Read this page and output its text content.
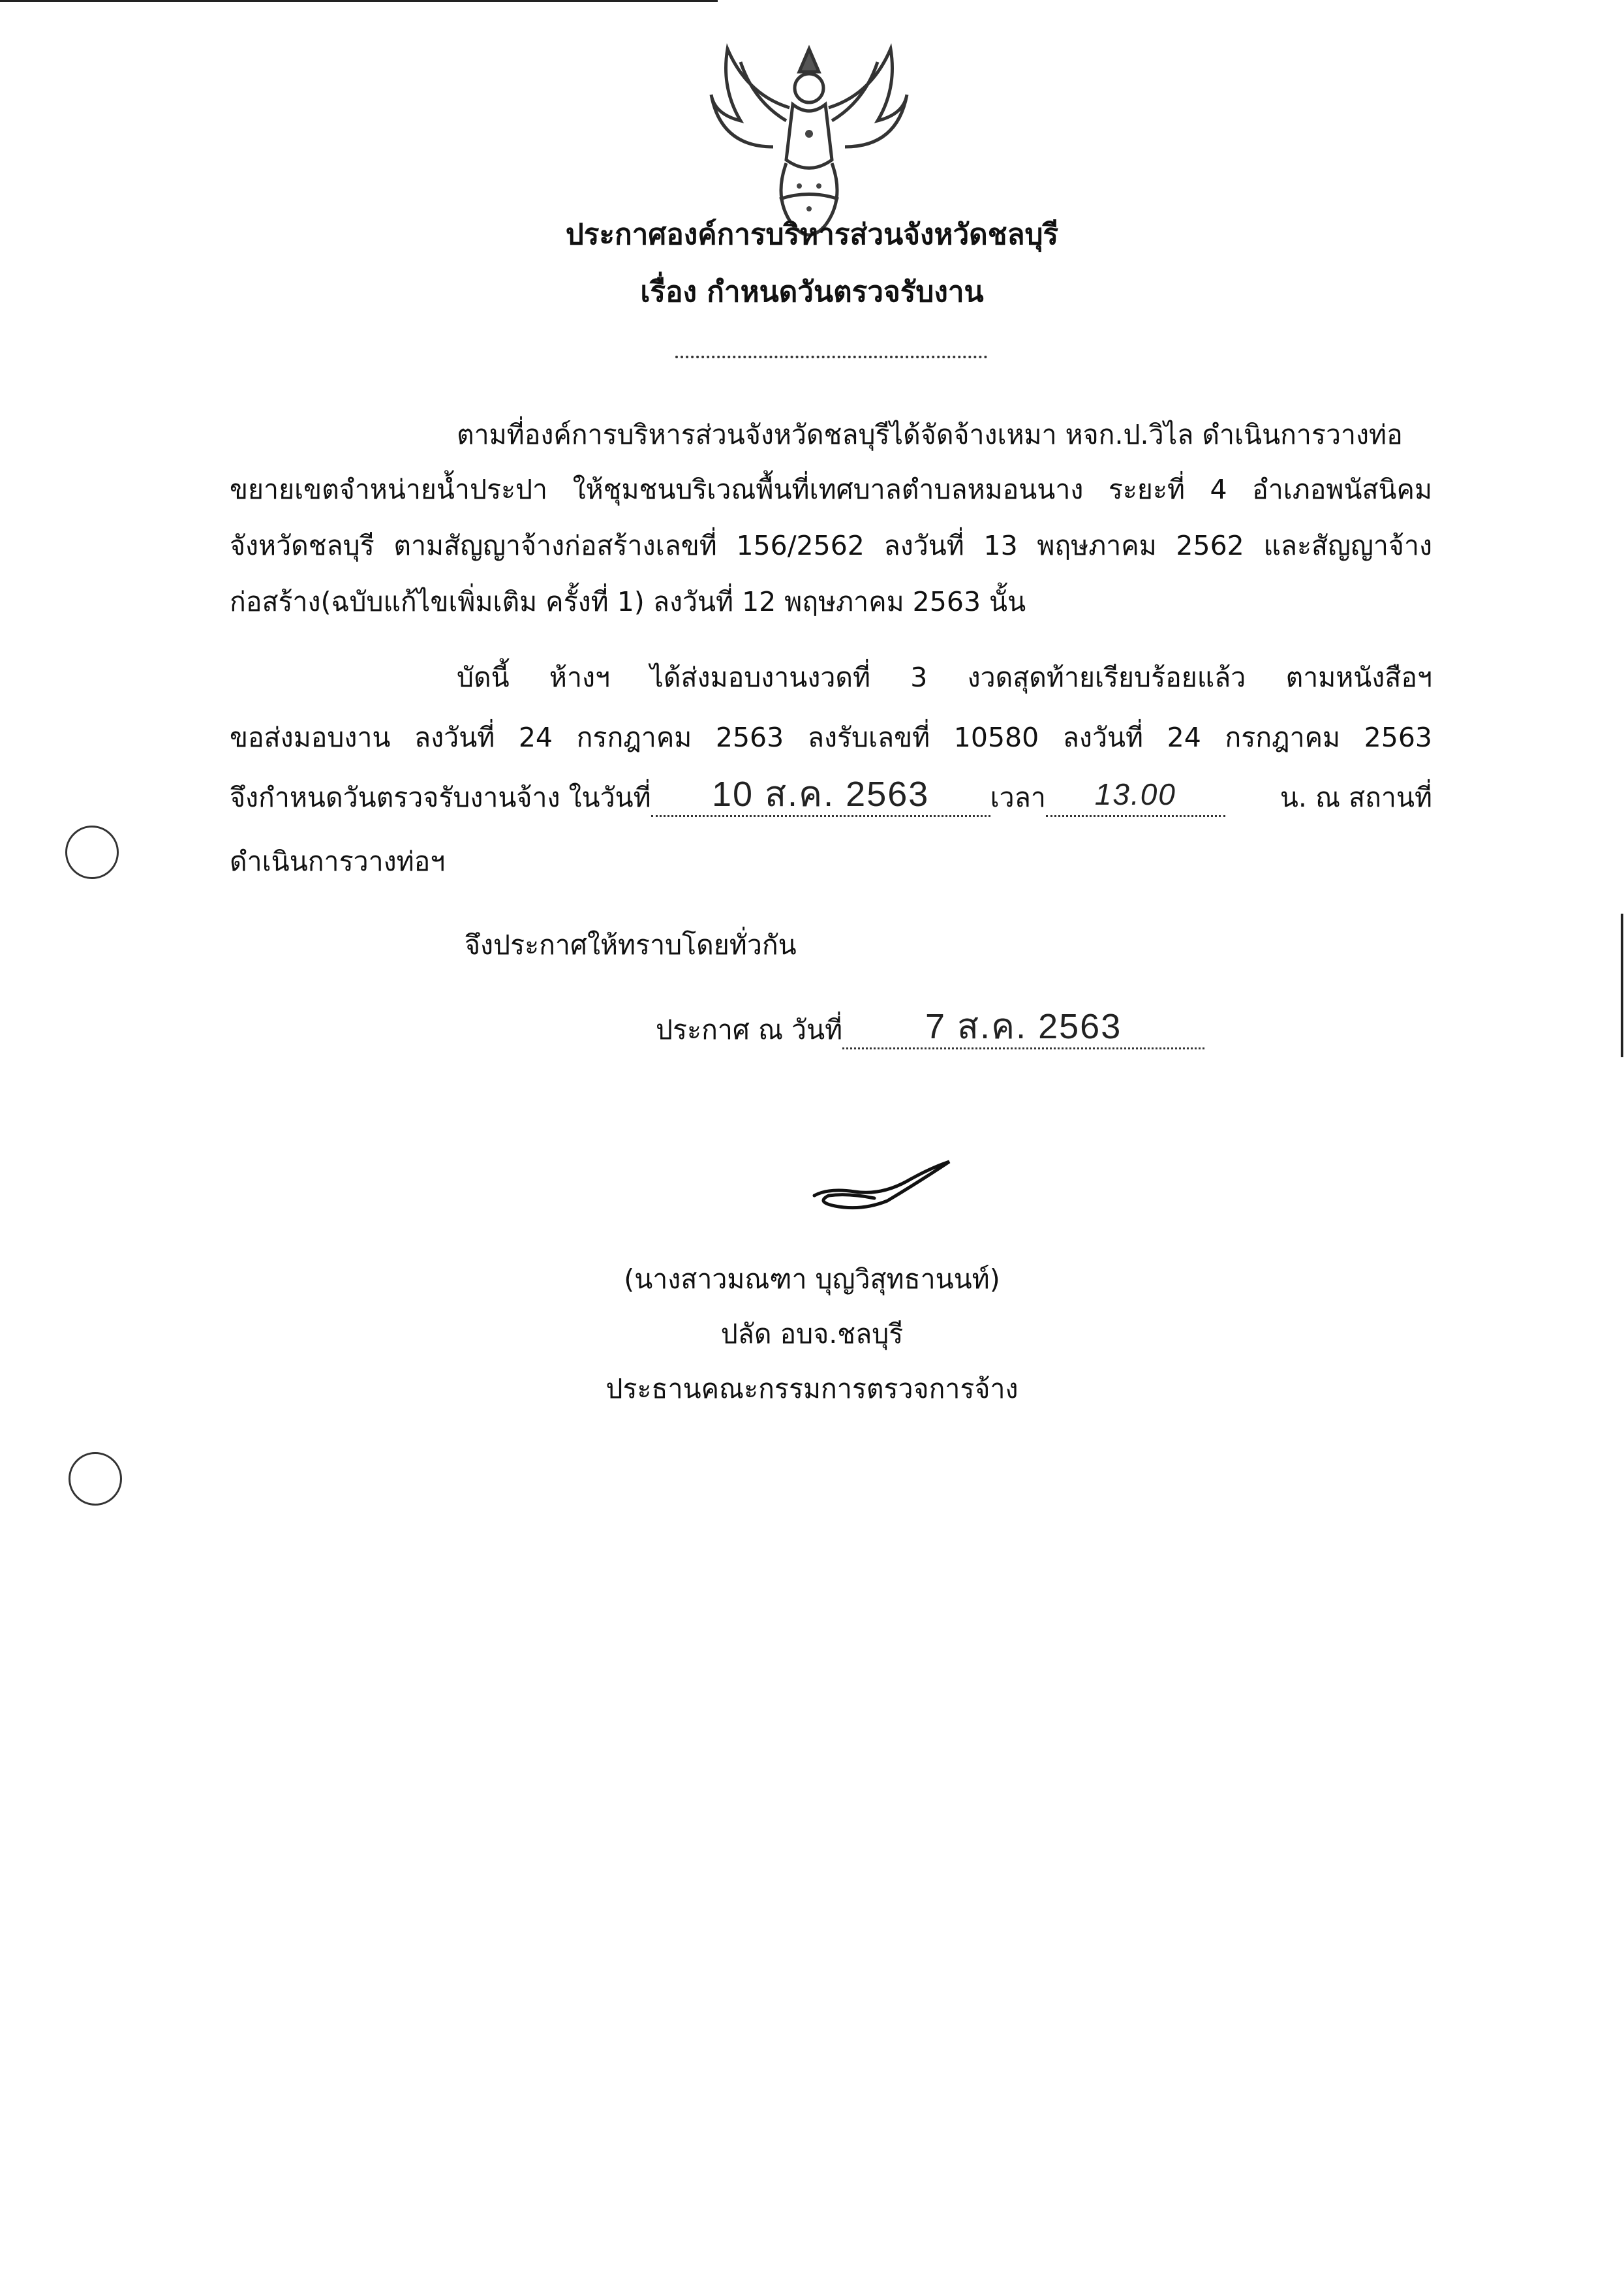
ประกาศองค์การบริหารส่วนจังหวัดชลบุรี
เรื่อง กำหนดวันตรวจรับงาน
ตามที่องค์การบริหารส่วนจังหวัดชลบุรีได้จัดจ้างเหมา หจก.ป.วิไล ดำเนินการวางท่อ
ขยายเขตจำหน่ายน้ำประปา ให้ชุมชนบริเวณพื้นที่เทศบาลตำบลหมอนนาง ระยะที่ 4 อำเภอพนัสนิคม
จังหวัดชลบุรี ตามสัญญาจ้างก่อสร้างเลขที่ 156/2562 ลงวันที่ 13 พฤษภาคม 2562 และสัญญาจ้าง
ก่อสร้าง(ฉบับแก้ไขเพิ่มเติม ครั้งที่ 1) ลงวันที่ 12 พฤษภาคม 2563 นั้น
บัดนี้ ห้างฯ ได้ส่งมอบงานงวดที่ 3 งวดสุดท้ายเรียบร้อยแล้ว ตามหนังสือฯ
ขอส่งมอบงาน ลงวันที่ 24 กรกฎาคม 2563 ลงรับเลขที่ 10580 ลงวันที่ 24 กรกฎาคม 2563
จึงกำหนดวันตรวจรับงานจ้าง ในวันที่	10 ส.ค. 2563	เวลา	13.00	น. ณ สถานที่
ดำเนินการวางท่อฯ
จึงประกาศให้ทราบโดยทั่วกัน
ประกาศ ณ วันที่	7 ส.ค. 2563
(นางสาวมณฑา บุญวิสุทธานนท์)
ปลัด อบจ.ชลบุรี
ประธานคณะกรรมการตรวจการจ้าง
